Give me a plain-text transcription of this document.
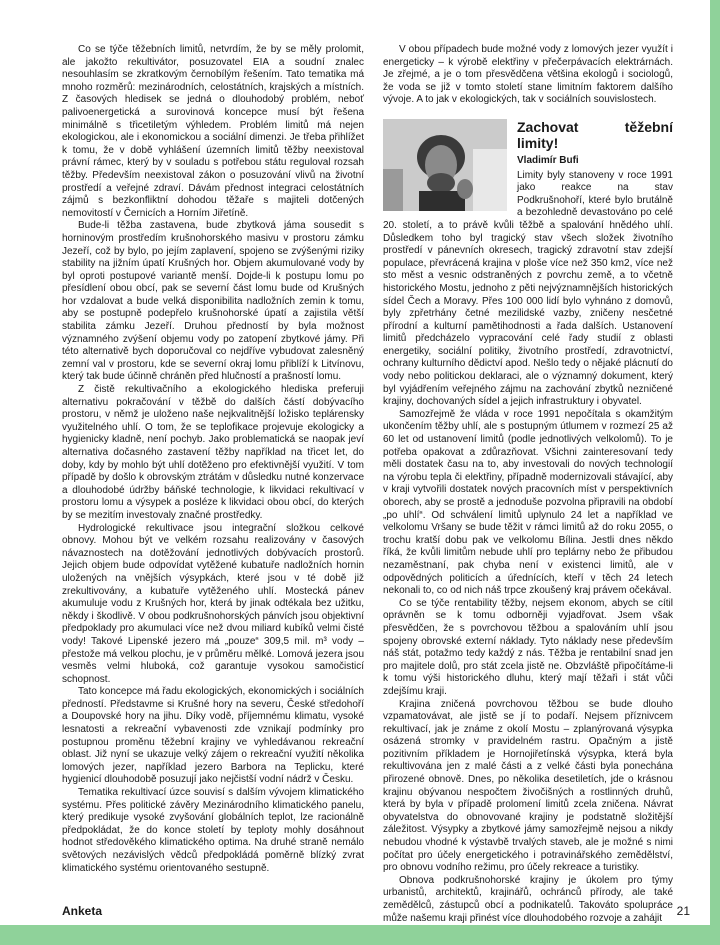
Co se týče těžebních limitů, netvrdím, že by se měly prolomit, ale jakožto rekultivátor, posuzovatel EIA a soudní znalec nesouhlasím se zkratkovým černobílým řešením. Tato tematika má mnoho rozměrů: mezinárodních, celostátních, krajských a místních. Z časových hledisek se jedná o dlouhodobý problém, neboť palivoenergetická a surovinová koncepce musí být řešena minimálně s třicetiletým výhledem. Problém limitů má nejen ekologickou, ale i ekonomickou a sociální dimenzi. Je třeba přihlížet k tomu, že v době vyhlášení územních limitů těžby neexistoval právní rámec, který by v souladu s potřebou státu reguloval rozsah těžby. Především neexistoval zákon o posuzování vlivů na životní prostředí a veřejné zdraví. Dávám přednost integraci celostátních zájmů s bezkonfliktní dohodou těžaře s majiteli dotčených nemovitostí v Černicích a Horním Jiřetíně.

Bude-li těžba zastavena, bude zbytková jáma sousedit s horninovým prostředím krušnohorského masivu v prostoru zámku Jezeří, což by bylo, po jejím zaplavení, spojeno se zvýšenými riziky stability na jižním úpatí Krušných hor. Objem akumulované vody by byl oproti postupové variantě menší. Dojde-li k postupu lomu po přesídlení obou obcí, pak se severní část lomu bude od Krušných hor vzdalovat a bude velká disponibilita nadložních zemin k tomu, aby se postupně podepřelo krušnohorské úpatí a zajistila větší stabilita zámku Jezeří. Druhou předností by byla možnost významného zvýšení objemu vody po zatopení zbytkové jámy. Při této alternativě bych doporučoval co nejdříve vybudovat zalesněný zemní val v prostoru, kde se severní okraj lomu přiblíží k Litvínovu, který tak bude účinně chráněn před hlučností a prašností lomu.

Z čistě rekultivačního a ekologického hlediska preferuji alternativu pokračování v těžbě do dalších částí dobývacího prostoru, v němž je uloženo naše nejkvalitnější ložisko teplárensky využitelného uhlí. O tom, že se teplofikace projevuje ekologicky a hygienicky kladně, není pochyb. Jako problematická se naopak jeví alternativa dočasného zastavení těžby například na třicet let, do doby, kdy by mohlo být uhlí dotěženo pro efektivnější využití. V tom případě by došlo k obrovským ztrátám v důsledku nutné konzervace a dlouhodobé údržby báňské technologie, k likvidaci rekultivací v prostoru lomu a výsypek a posléze k likvidaci obou obcí, do kterých by se mezitím investovaly značné prostředky.

Hydrologické rekultivace jsou integrační složkou celkové obnovy. Mohou být ve velkém rozsahu realizovány v časových návaznostech na dotěžování jednotlivých dobývacích prostorů. Jejich objem bude odpovídat vytěžené kubatuře nadložních hornin uložených na vnějších výsypkách, které jsou v té době již zrekultivovány, a kubatuře vytěženého uhlí. Mostecká pánev akumuluje vodu z Krušných hor, která by jinak odtékala bez užitku, někdy i škodlivě. V obou podkrušnohorských pánvích jsou objektivní předpoklady pro akumulaci více než dvou miliard kubíků velmi čisté vody! Takové Lipenské jezero má „pouze“ 309,5 mil. m³ vody – přestože má velkou plochu, je v průměru mělké. Lomová jezera jsou vesměs velmi hluboká, což garantuje vysokou samočisticí schopnost.

Tato koncepce má řadu ekologických, ekonomických i sociálních předností. Představme si Krušné hory na severu, České středohoří a Doupovské hory na jihu. Díky vodě, příjemnému klimatu, vysoké lesnatosti a rekreační vybavenosti zde vznikají podmínky pro postupnou proměnu těžební krajiny ve vyhledávanou rekreační oblast. Již nyní se ukazuje velký zájem o rekreační využití několika lomových jezer, například jezero Barbora na Teplicku, které hygienicí dlouhodobě posuzují jako nejčistší vodní nádrž v Česku.

Tematika rekultivací úzce souvisí s dalším vývojem klimatického systému. Přes politické závěry Mezinárodního klimatického panelu, který predikuje vysoké zvyšování globálních teplot, lze racionálně předpokládat, že do konce století by teploty mohly dosáhnout hodnot středověkého klimatického optima. Na druhé straně nemálo světových nezávislých vědců předpokládá poměrně blízký zvrat klimatického systému orientovaného sestupně.

V obou případech bude možné vody z lomových jezer využít i energeticky – k výrobě elektřiny v přečerpávacích elektrárnách. Je zřejmé, a je o tom přesvědčena většina ekologů i sociologů, že voda se již v tomto století stane limitním faktorem dalšího vývoje. A to jak v ekologických, tak v sociálních souvislostech.

Zachovat těžební limity!
Vladimír Bufi

Limity byly stanoveny v roce 1991 jako reakce na stav Podkrušnohoří, které bylo brutálně a bezohledně devastováno po celé 20. století, a to právě kvůli těžbě a spalování hnědého uhlí. Důsledkem toho byl tragický stav všech složek životního prostředí v pánevních okresech, tragický zdravotní stav zdejší populace, převrácená krajina v ploše více než 350 km2, více než sto měst a vesnic odstraněných z povrchu země, a to včetně historického Mostu, jednoho z pěti nejvýznamnějších historických sídel Čech a Moravy. Přes 100 000 lidí bylo vyhnáno z domovů, byly zpřetrhány četné mezilidské vazby, zničeny nesčetné přírodní a kulturní pamětihodnosti a řada dalších. Ustanovení limitů předcházelo vypracování celé řady studií z oblasti energetiky, sociální politiky, životního prostředí, zdravotnictví, ochrany kulturního dědictví apod. Nešlo tedy o nějaké plácnutí do vody nebo politickou deklaraci, ale o významný dokument, který byl vyjádřením veřejného zájmu na zachování zbytků nezničené krajiny, dochovaných sídel a jejich infrastruktury i obyvatel.

Samozřejmě že vláda v roce 1991 nepočítala s okamžitým ukončením těžby uhlí, ale s postupným útlumem v rozmezí 25 až 60 let od ustanovení limitů (podle jednotlivých velkolomů). To je potřeba opakovat a zdůrazňovat. Všichni zainteresovaní tedy měli dostatek času na to, aby investovali do nových technologií na výrobu tepla či elektřiny, případně modernizovali stávající, aby v kraji vytvořili dostatek nových pracovních míst v perspektivních oborech, aby se prostě a jednoduše pozvolna připravili na období „po uhlí“. Od schválení limitů uplynulo 24 let a například ve velkolomu Vršany se bude těžit v rámci limitů až do roku 2055, o trochu kratší dobu pak ve velkolomu Bílina. Jestli dnes někdo říká, že kvůli limitům nebude uhlí pro teplárny nebo že přibudou nezaměstnaní, pak chyba není v existenci limitů, ale v odpovědných politicích a úřednících, kteří v těch 24 letech nekonali to, co od nich náš trpce zkoušený kraj právem očekával.

Co se týče rentability těžby, nejsem ekonom, abych se cítil oprávněn se k tomu odborněji vyjadřovat. Jsem však přesvědčen, že s povrchovou těžbou a spalováním uhlí jsou spojeny obrovské externí náklady. Tyto náklady nese především náš stát, potažmo tedy každý z nás. Těžba je rentabilní snad jen pro majitele dolů, pro stát zcela jistě ne. Obzvláště připočítáme-li k tomu výši historického dluhu, který mají těžaři i stát vůči zdejšímu kraji.

Krajina zničená povrchovou těžbou se bude dlouho vzpamatovávat, ale jistě se jí to podaří. Nejsem příznivcem rekultivací, jak je známe z okolí Mostu – zplanýrovaná výsypka osázená stromky v pravidelném rastru. Opačným a jistě pozitivním příkladem je Hornojiřetínská výsypka, která byla rekultivována jen z malé části a z velké části byla ponechána přirozené obnově. Dnes, po několika desetiletích, jde o krásnou krajinu obývanou nespočtem živočišných a rostlinných druhů, která by byla v případě prolomení limitů zcela zničena. Návrat obyvatelstva do obnovované krajiny je podstatně složitější záležitost. Výsypky a zbytkové jámy samozřejmě nejsou a nikdy nebudou vhodné k výstavbě trvalých staveb, ale je možné s nimi počítat pro účely energetického i potravinářského zemědělství, pro obnovu vodního režimu, pro účely rekreace a turistiky.

Obnova podkrušnohorské krajiny je úkolem pro týmy urbanistů, architektů, krajinářů, ochránců přírody, ale také zemědělců, zástupců obcí a podnikatelů. Takováto spolupráce může našemu kraji přinést více dlouhodobého rozvoje a zahájit

Anketa	21
